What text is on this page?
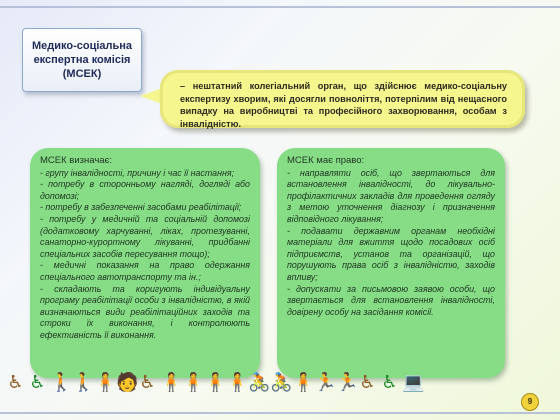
Медико-соціальна
експертна комісія
(МСЕК)

– нештатний колегіальний орган, що здійснює медико-соціальну експертизу хворим, які досягли повноліття, потерпілим від нещасного випадку на виробництві та професійного захворювання, особам з інвалідністю.

МСЕК визначає:
- групу інвалідності, причину і час її настання;
- потребу в сторонньому нагляді, догляді або допомозі;
- потребу в забезпеченні засобами реабілітації;
- потребу у медичній та соціальній допомозі (додатковому харчуванні, ліках, протезуванні, санаторно-курортному лікуванні, придбанні спеціальних засобів пересування тощо);
- медичні показання на право одержання спеціального автотранспорту та ін.;
- складають та коригують індивідуальну програму реабілітації особи з інвалідністю, в якій визначаються види реабілітаційних заходів та строки їх виконання, і контролюють ефективність її виконання.
МСЕК має право:
- направляти осіб, що звертаються для встановлення інвалідності, до лікувально-профілактичних закладів для проведення огляду з метою уточнення діагнозу і призначення відповідного лікування;
- подавати державним органам необхідні матеріали для вжиття щодо посадових осіб підприємств, установ та організацій, що порушують права осіб з інвалідністю, заходів впливу;
- допускати за письмовою заявою особи, що звертається для встановлення інвалідності, довірену особу на засідання комісії.
♿ ♿ 🚶 🚶 🧍 🧑 ♿ 🧍 🧍 🧍 🧍 🚴 🚴 🧍 🏃 🏃 ♿ ♿ 💻
9
